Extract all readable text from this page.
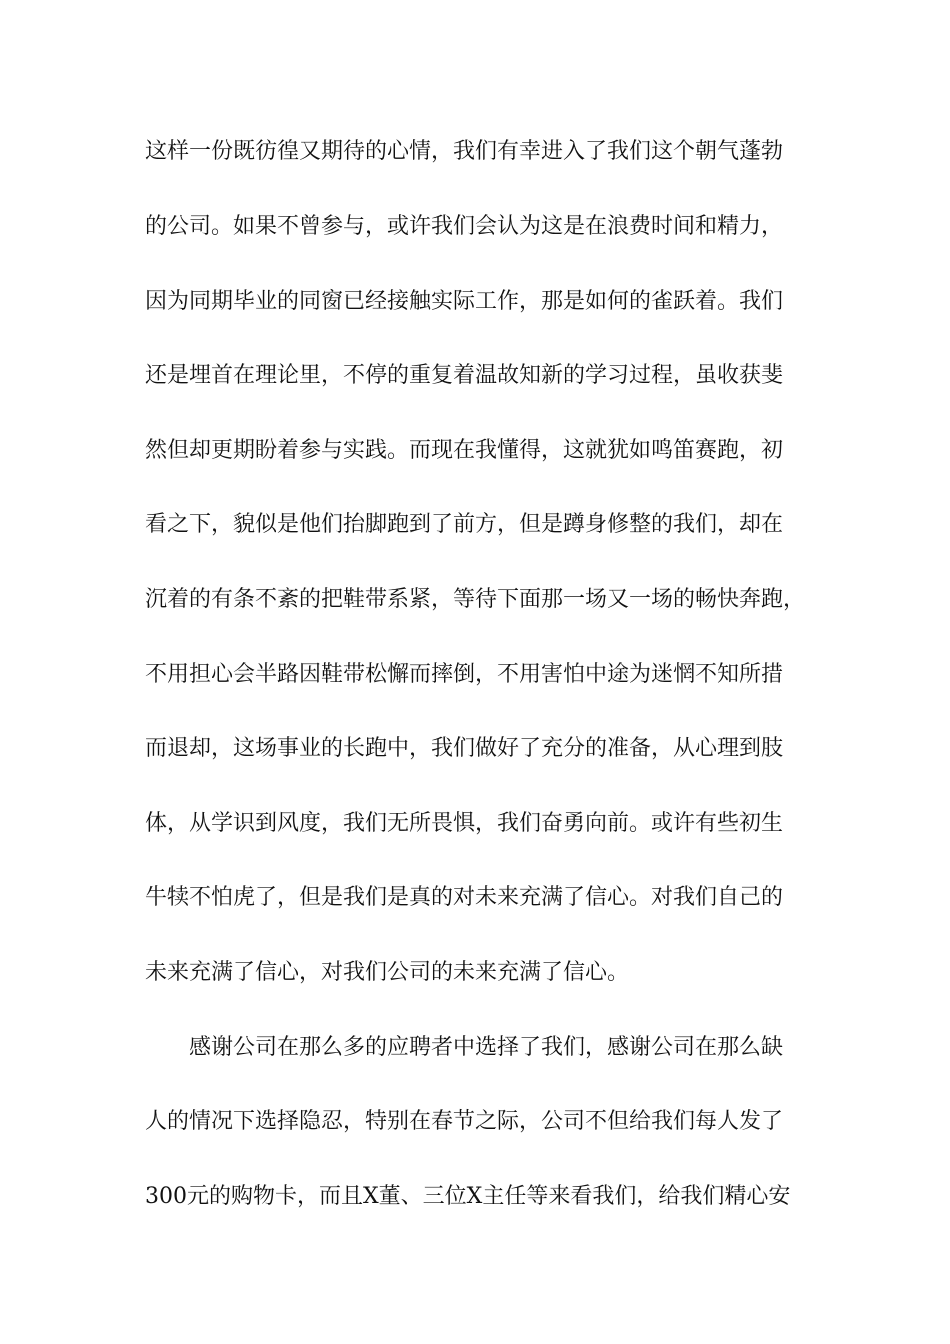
这样一份既彷徨又期待的心情，我们有幸进入了我们这个朝气蓬勃
的公司。如果不曾参与，或许我们会认为这是在浪费时间和精力，
因为同期毕业的同窗已经接触实际工作，那是如何的雀跃着。我们
还是埋首在理论里，不停的重复着温故知新的学习过程，虽收获斐
然但却更期盼着参与实践。而现在我懂得，这就犹如鸣笛赛跑，初
看之下，貌似是他们抬脚跑到了前方，但是蹲身修整的我们，却在
沉着的有条不紊的把鞋带系紧，等待下面那一场又一场的畅快奔跑，
不用担心会半路因鞋带松懈而摔倒，不用害怕中途为迷惘不知所措
而退却，这场事业的长跑中，我们做好了充分的准备，从心理到肢
体，从学识到风度，我们无所畏惧，我们奋勇向前。或许有些初生
牛犊不怕虎了，但是我们是真的对未来充满了信心。对我们自己的
未来充满了信心，对我们公司的未来充满了信心。
　　感谢公司在那么多的应聘者中选择了我们，感谢公司在那么缺
人的情况下选择隐忍，特别在春节之际，公司不但给我们每人发了
300元的购物卡，而且X董、三位X主任等来看我们，给我们精心安
